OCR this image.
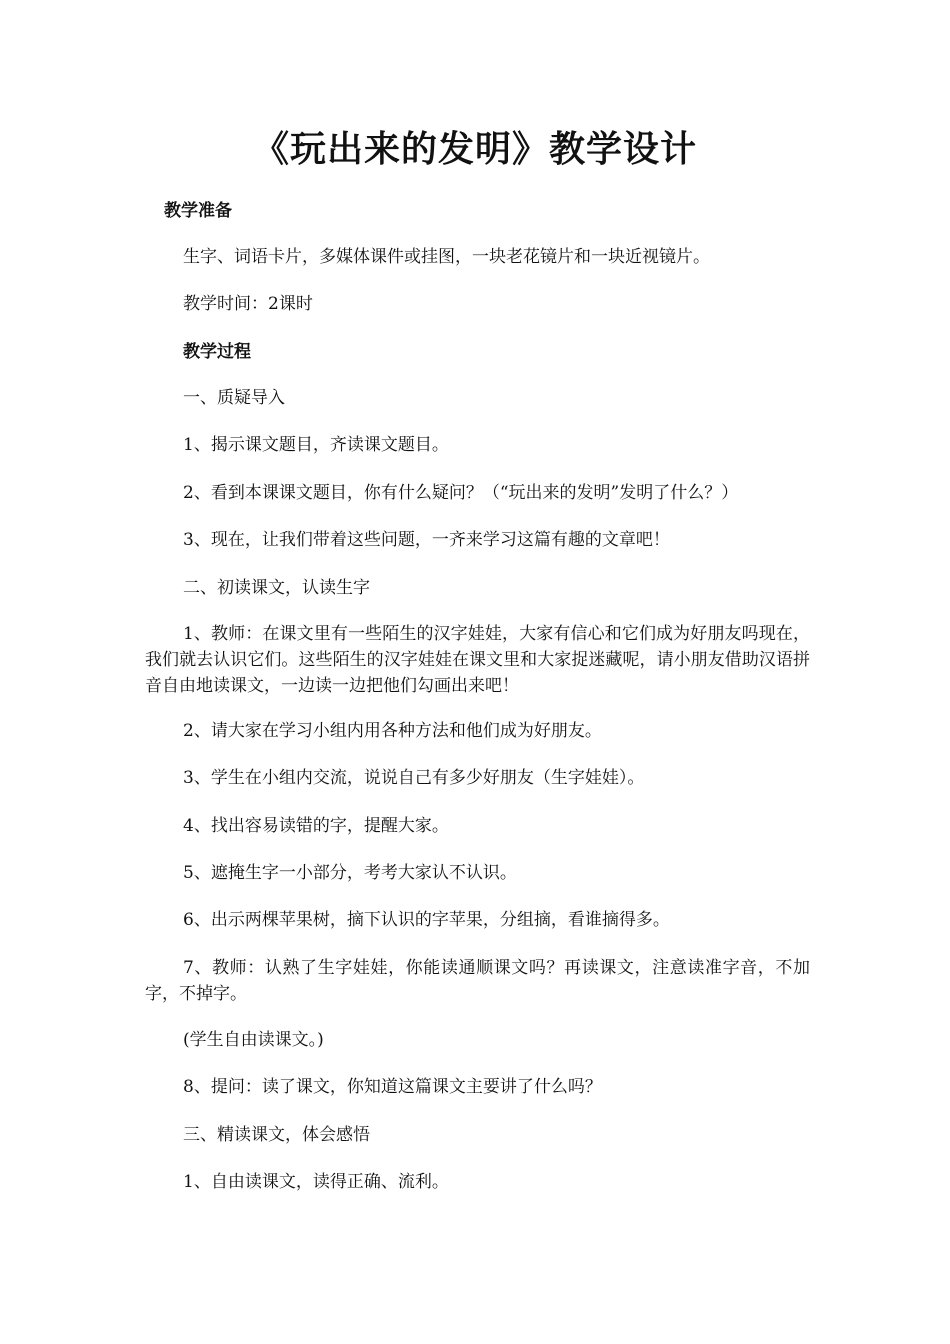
《玩出来的发明》教学设计

教学准备

生字、词语卡片，多媒体课件或挂图，一块老花镜片和一块近视镜片。

教学时间：2课时

教学过程

一、质疑导入

1、揭示课文题目，齐读课文题目。

2、看到本课课文题目，你有什么疑问？（“玩出来的发明”发明了什么？）

3、现在，让我们带着这些问题，一齐来学习这篇有趣的文章吧！

二、初读课文，认读生字

1、教师：在课文里有一些陌生的汉字娃娃，大家有信心和它们成为好朋友吗现在，我们就去认识它们。这些陌生的汉字娃娃在课文里和大家捉迷藏呢，请小朋友借助汉语拼音自由地读课文，一边读一边把他们勾画出来吧！

2、请大家在学习小组内用各种方法和他们成为好朋友。

3、学生在小组内交流，说说自己有多少好朋友（生字娃娃）。

4、找出容易读错的字，提醒大家。

5、遮掩生字一小部分，考考大家认不认识。

6、出示两棵苹果树，摘下认识的字苹果，分组摘，看谁摘得多。

7、教师：认熟了生字娃娃，你能读通顺课文吗？再读课文，注意读准字音，不加字，不掉字。

(学生自由读课文。)

8、提问：读了课文，你知道这篇课文主要讲了什么吗？

三、精读课文，体会感悟

1、自由读课文，读得正确、流利。
